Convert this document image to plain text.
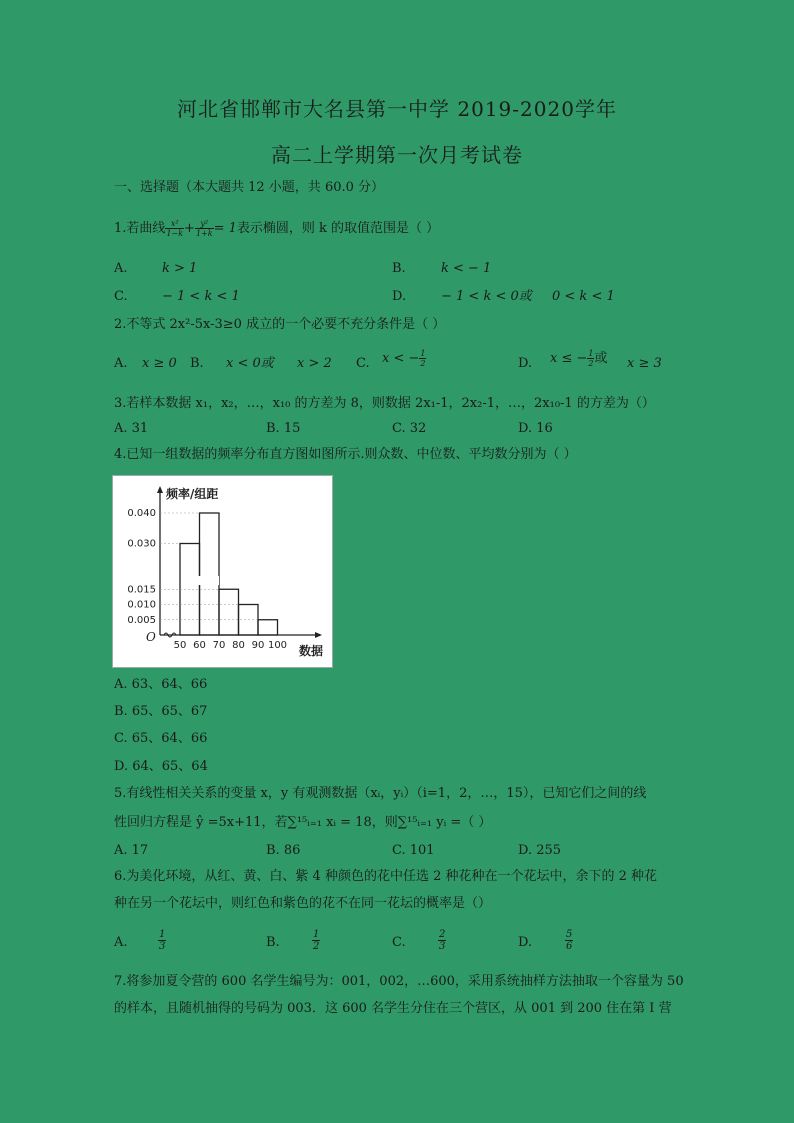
河北省邯郸市大名县第一中学 2019-2020学年
高二上学期第一次月考试卷
一、选择题（本大题共 12 小题，共 60.0 分）
1.若曲线 $\frac{\text{x²}}{1-k} + \frac{\text{y²}}{1+k} = 1$表示椭圆，则 k 的取值范围是（ ）
A.	k > 1	B.	k < − 1
C.	− 1 < k < 1	D.	− 1 < k < 0或 0 < k < 1
2.不等式 2x²-5x-3≥0 成立的一个必要不充分条件是（ ）
A. x ≥ 0	B. x < 0或 x > 2 C. x < − $\frac{1}{2}$	D. x ≤ − $\frac{1}{2}$ 或 x ≥ 3
3.若样本数据 x₁，x₂，…，x₁₀ 的方差为 8，则数据 2x₁-1，2x₂-1，…，2x₁₀-1 的方差为（）
A. 31	B. 15	C. 32	D. 16
4.已知一组数据的频率分布直方图如图所示.则众数、中位数、平均数分别为（ ）
0.040
0.030
0.015
0.010
0.005
50 60 70 80 90 100
O
频率/组距
数据
A. 63、64、66
B. 65、65、67
C. 65、64、66
D. 64、65、64
5.有线性相关关系的变量 x，y 有观测数据（xᵢ，yᵢ）（i=1，2，…，15），已知它们之间的线
性回归方程是 ŷ =5x+11，若∑¹⁵ᵢ₌₁ xᵢ = 18，则∑¹⁵ᵢ₌₁ yᵢ =（ ）
A. 17	B. 86	C. 101	D. 255
6.为美化环境，从红、黄、白、紫 4 种颜色的花中任选 2 种花种在一个花坛中，余下的 2 种花
种在另一个花坛中，则红色和紫色的花不在同一花坛的概率是（）
A.	$\frac{1}{3}$	B.	$\frac{1}{2}$	C.	$\frac{2}{3}$	D.	$\frac{5}{6}$
7.将参加夏令营的 600 名学生编号为：001，002，…600，采用系统抽样方法抽取一个容量为 50
的样本，且随机抽得的号码为 003．这 600 名学生分住在三个营区，从 001 到 200 住在第 I 营
